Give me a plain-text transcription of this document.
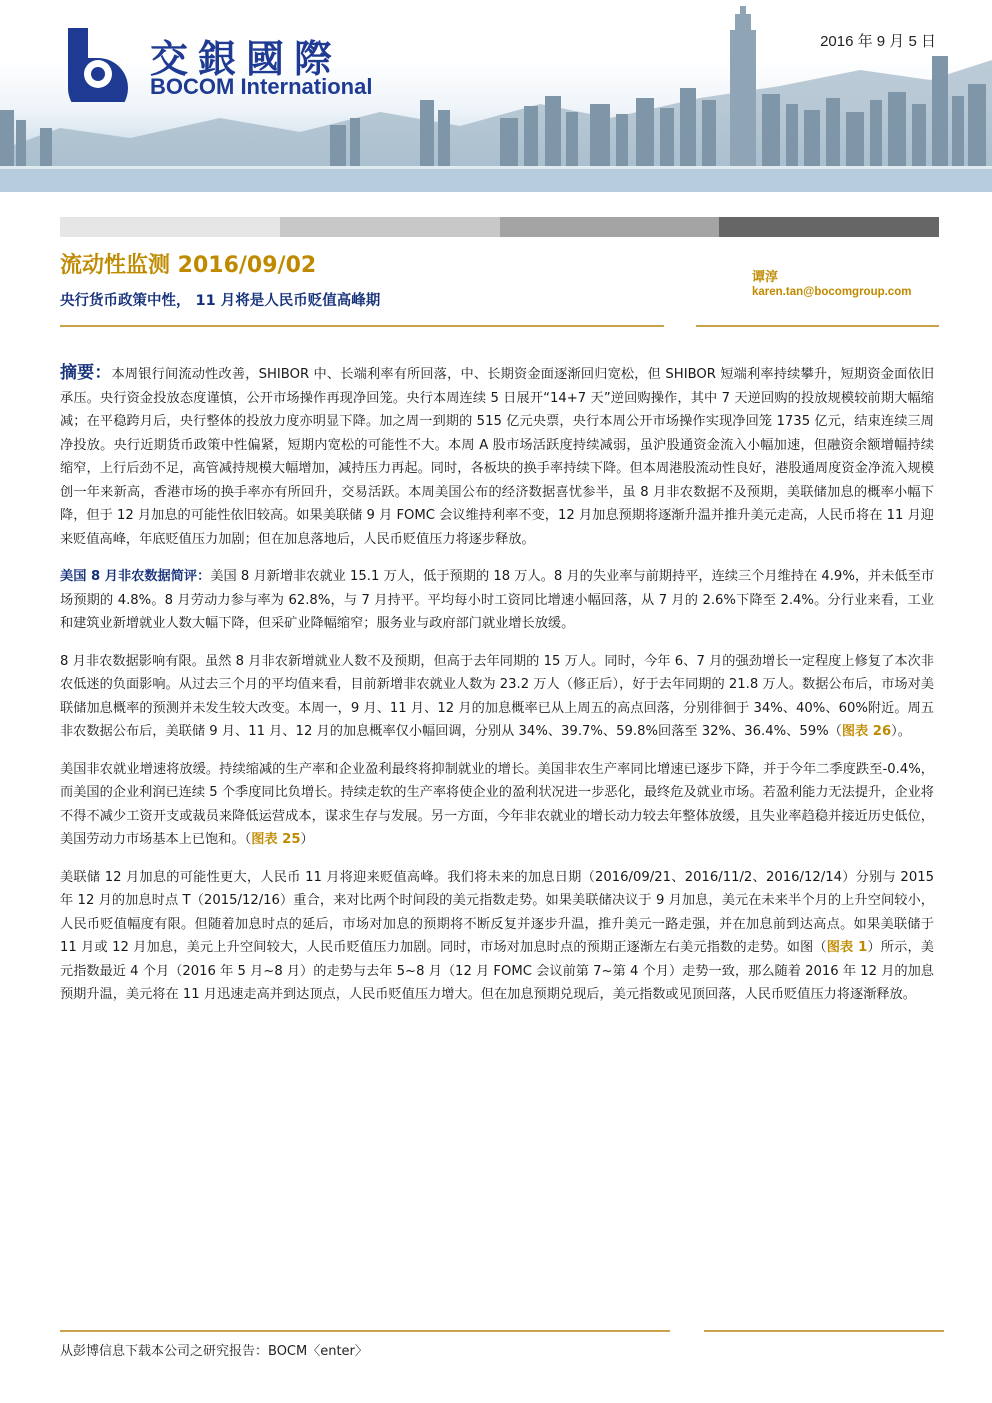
交銀國際
BOCOM International
2016 年 9 月 5 日
流动性监测 2016/09/02
央行货币政策中性， 11 月将是人民币贬值高峰期
谭淳
karen.tan@bocomgroup.com

摘要：本周银行间流动性改善，SHIBOR 中、长端利率有所回落，中、长期资金面逐渐回归宽松，但 SHIBOR 短端利率持续攀升，短期资金面依旧承压。央行资金投放态度谨慎，公开市场操作再现净回笼。央行本周连续 5 日展开“14+7 天”逆回购操作，其中 7 天逆回购的投放规模较前期大幅缩减；在平稳跨月后，央行整体的投放力度亦明显下降。加之周一到期的 515 亿元央票，央行本周公开市场操作实现净回笼 1735 亿元，结束连续三周净投放。央行近期货币政策中性偏紧，短期内宽松的可能性不大。本周 A 股市场活跃度持续减弱，虽沪股通资金流入小幅加速，但融资余额增幅持续缩窄，上行后劲不足，高管减持规模大幅增加，减持压力再起。同时，各板块的换手率持续下降。但本周港股流动性良好，港股通周度资金净流入规模创一年来新高，香港市场的换手率亦有所回升，交易活跃。本周美国公布的经济数据喜忧参半，虽 8 月非农数据不及预期，美联储加息的概率小幅下降，但于 12 月加息的可能性依旧较高。如果美联储 9 月 FOMC 会议维持利率不变，12 月加息预期将逐渐升温并推升美元走高，人民币将在 11 月迎来贬值高峰，年底贬值压力加剧；但在加息落地后，人民币贬值压力将逐步释放。

美国 8 月非农数据简评：美国 8 月新增非农就业 15.1 万人，低于预期的 18 万人。8 月的失业率与前期持平，连续三个月维持在 4.9%，并未低至市场预期的 4.8%。8 月劳动力参与率为 62.8%，与 7 月持平。平均每小时工资同比增速小幅回落，从 7 月的 2.6%下降至 2.4%。分行业来看，工业和建筑业新增就业人数大幅下降，但采矿业降幅缩窄；服务业与政府部门就业增长放缓。

8 月非农数据影响有限。虽然 8 月非农新增就业人数不及预期，但高于去年同期的 15 万人。同时，今年 6、7 月的强劲增长一定程度上修复了本次非农低迷的负面影响。从过去三个月的平均值来看，目前新增非农就业人数为 23.2 万人（修正后），好于去年同期的 21.8 万人。数据公布后，市场对美联储加息概率的预测并未发生较大改变。本周一，9 月、11 月、12 月的加息概率已从上周五的高点回落，分别徘徊于 34%、40%、60%附近。周五非农数据公布后，美联储 9 月、11 月、12 月的加息概率仅小幅回调，分别从 34%、39.7%、59.8%回落至 32%、36.4%、59%（图表 26）。

美国非农就业增速将放缓。持续缩减的生产率和企业盈利最终将抑制就业的增长。美国非农生产率同比增速已逐步下降，并于今年二季度跌至-0.4%，而美国的企业利润已连续 5 个季度同比负增长。持续走软的生产率将使企业的盈利状况进一步恶化，最终危及就业市场。若盈利能力无法提升，企业将不得不减少工资开支或裁员来降低运营成本，谋求生存与发展。另一方面，今年非农就业的增长动力较去年整体放缓，且失业率趋稳并接近历史低位，美国劳动力市场基本上已饱和。（图表 25）

美联储 12 月加息的可能性更大，人民币 11 月将迎来贬值高峰。我们将未来的加息日期（2016/09/21、2016/11/2、2016/12/14）分别与 2015 年 12 月的加息时点 T（2015/12/16）重合，来对比两个时间段的美元指数走势。如果美联储决议于 9 月加息，美元在未来半个月的上升空间较小，人民币贬值幅度有限。但随着加息时点的延后，市场对加息的预期将不断反复并逐步升温，推升美元一路走强，并在加息前到达高点。如果美联储于 11 月或 12 月加息，美元上升空间较大，人民币贬值压力加剧。同时，市场对加息时点的预期正逐渐左右美元指数的走势。如图（图表 1）所示，美元指数最近 4 个月（2016 年 5 月~8 月）的走势与去年 5~8 月（12 月 FOMC 会议前第 7~第 4 个月）走势一致，那么随着 2016 年 12 月的加息预期升温，美元将在 11 月迅速走高并到达顶点，人民币贬值压力增大。但在加息预期兑现后，美元指数或见顶回落，人民币贬值压力将逐渐释放。

从彭博信息下载本公司之研究报告：BOCM〈enter〉
